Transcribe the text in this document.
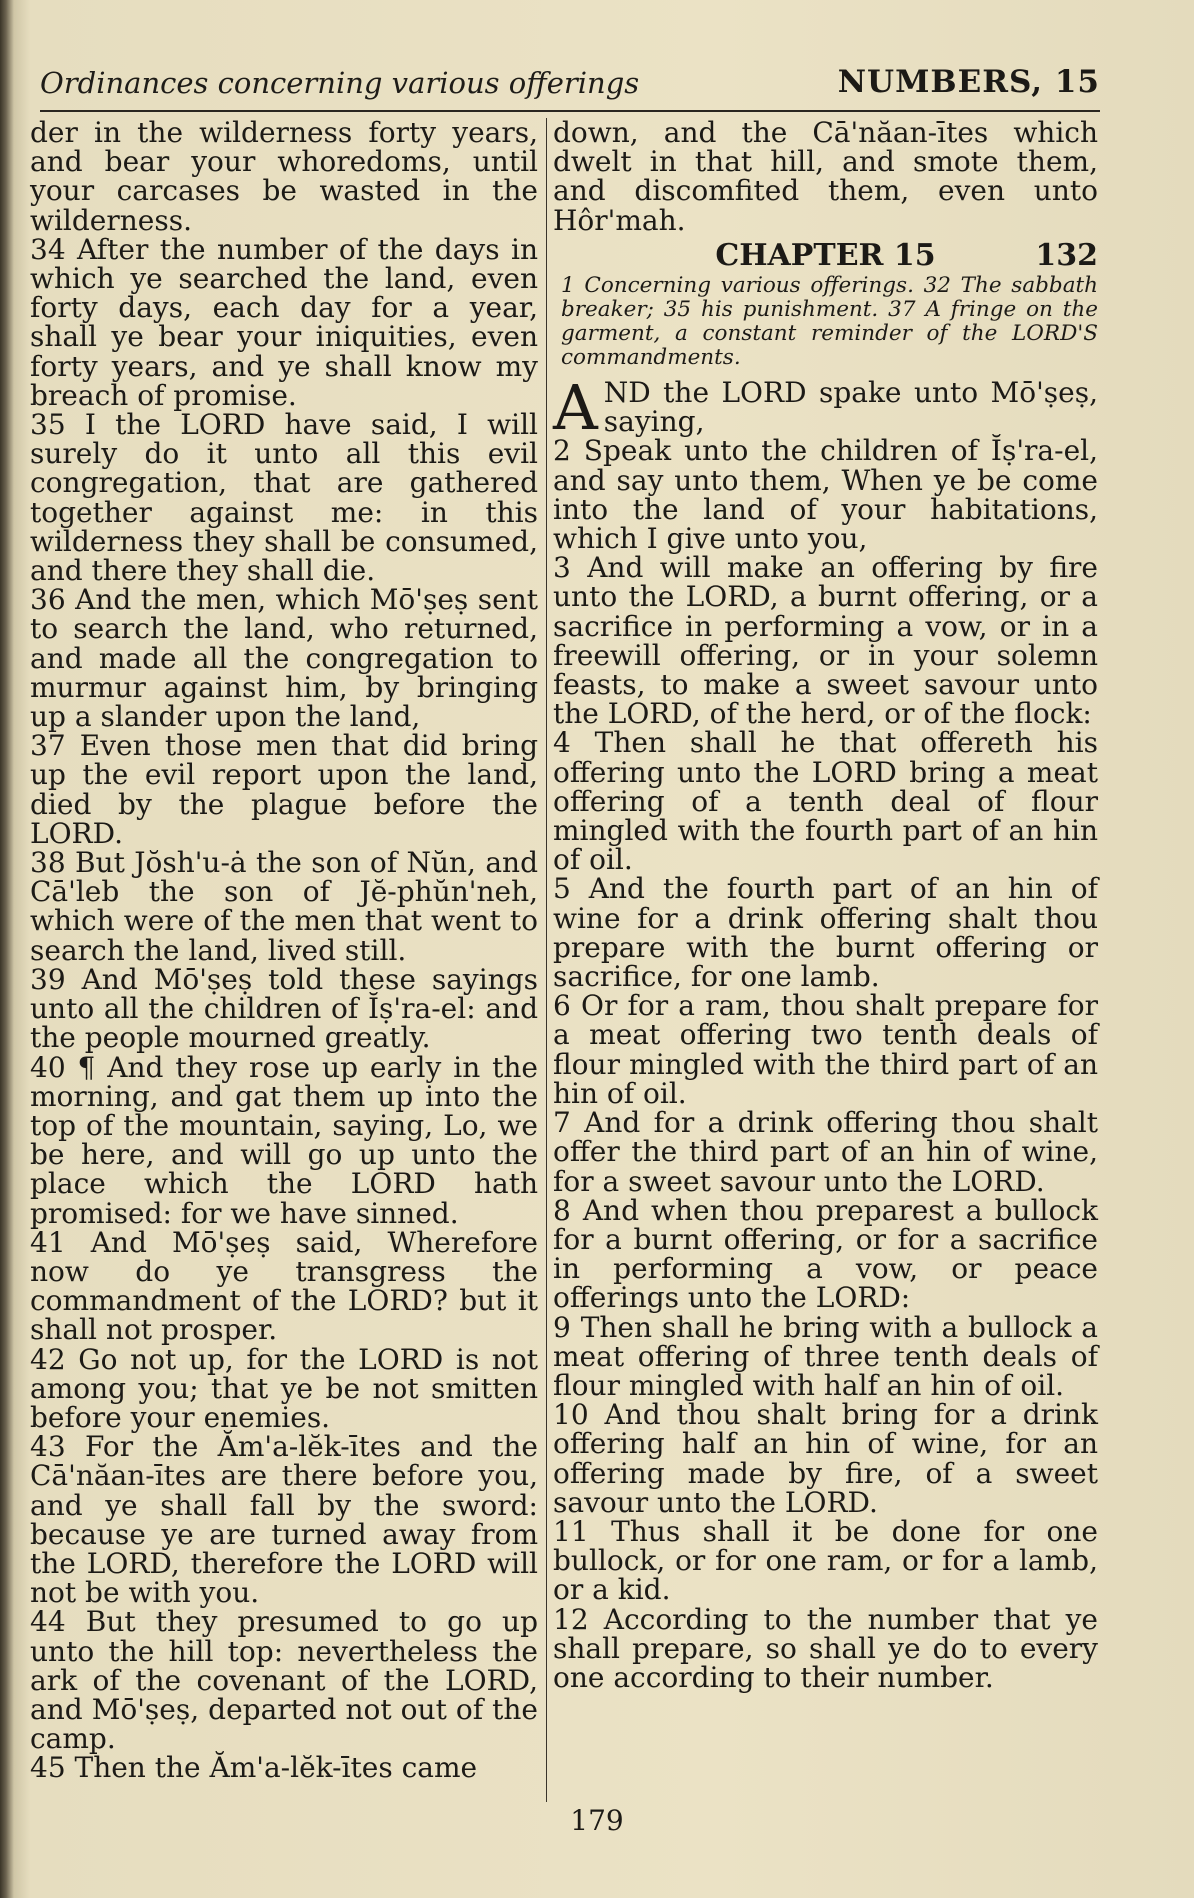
Ordinances concerning various offerings	NUMBERS, 15

der in the wilderness forty years, and bear your whoredoms, until your carcases be wasted in the wilderness.

34 After the number of the days in which ye searched the land, even forty days, each day for a year, shall ye bear your iniquities, even forty years, and ye shall know my breach of promise.

35 I the LORD have said, I will surely do it unto all this evil congregation, that are gathered together against me: in this wilderness they shall be consumed, and there they shall die.

36 And the men, which Mō'ṣeṣ sent to search the land, who returned, and made all the congregation to murmur against him, by bringing up a slander upon the land,

37 Even those men that did bring up the evil report upon the land, died by the plague before the LORD.

38 But Jŏsh'u-ȧ the son of Nŭn, and Cā'leb the son of Jĕ-phŭn'neh, which were of the men that went to search the land, lived still.

39 And Mō'ṣeṣ told these sayings unto all the children of Ĭṣ'ra-el: and the people mourned greatly.

40 ¶ And they rose up early in the morning, and gat them up into the top of the mountain, saying, Lo, we be here, and will go up unto the place which the LORD hath promised: for we have sinned.

41 And Mō'ṣeṣ said, Wherefore now do ye transgress the commandment of the LORD? but it shall not prosper.

42 Go not up, for the LORD is not among you; that ye be not smitten before your enemies.

43 For the Ăm'a-lĕk-ītes and the Cā'năan-ītes are there before you, and ye shall fall by the sword: because ye are turned away from the LORD, therefore the LORD will not be with you.

44 But they presumed to go up unto the hill top: nevertheless the ark of the covenant of the LORD, and Mō'ṣeṣ, departed not out of the camp.

45 Then the Ăm'a-lĕk-ītes came

down, and the Cā'năan-ītes which dwelt in that hill, and smote them, and discomfited them, even unto Hôr'mah.

CHAPTER 15	132

1 Concerning various offerings. 32 The sabbath breaker; 35 his punishment. 37 A fringe on the garment, a constant reminder of the LORD'S commandments.

A ND the LORD spake unto Mō'ṣeṣ, saying,

2 Speak unto the children of Ĭṣ'ra-el, and say unto them, When ye be come into the land of your habitations, which I give unto you,

3 And will make an offering by fire unto the LORD, a burnt offering, or a sacrifice in performing a vow, or in a freewill offering, or in your solemn feasts, to make a sweet savour unto the LORD, of the herd, or of the flock:

4 Then shall he that offereth his offering unto the LORD bring a meat offering of a tenth deal of flour mingled with the fourth part of an hin of oil.

5 And the fourth part of an hin of wine for a drink offering shalt thou prepare with the burnt offering or sacrifice, for one lamb.

6 Or for a ram, thou shalt prepare for a meat offering two tenth deals of flour mingled with the third part of an hin of oil.

7 And for a drink offering thou shalt offer the third part of an hin of wine, for a sweet savour unto the LORD.

8 And when thou preparest a bullock for a burnt offering, or for a sacrifice in performing a vow, or peace offerings unto the LORD:

9 Then shall he bring with a bullock a meat offering of three tenth deals of flour mingled with half an hin of oil.

10 And thou shalt bring for a drink offering half an hin of wine, for an offering made by fire, of a sweet savour unto the LORD.

11 Thus shall it be done for one bullock, or for one ram, or for a lamb, or a kid.

12 According to the number that ye shall prepare, so shall ye do to every one according to their number.

179
